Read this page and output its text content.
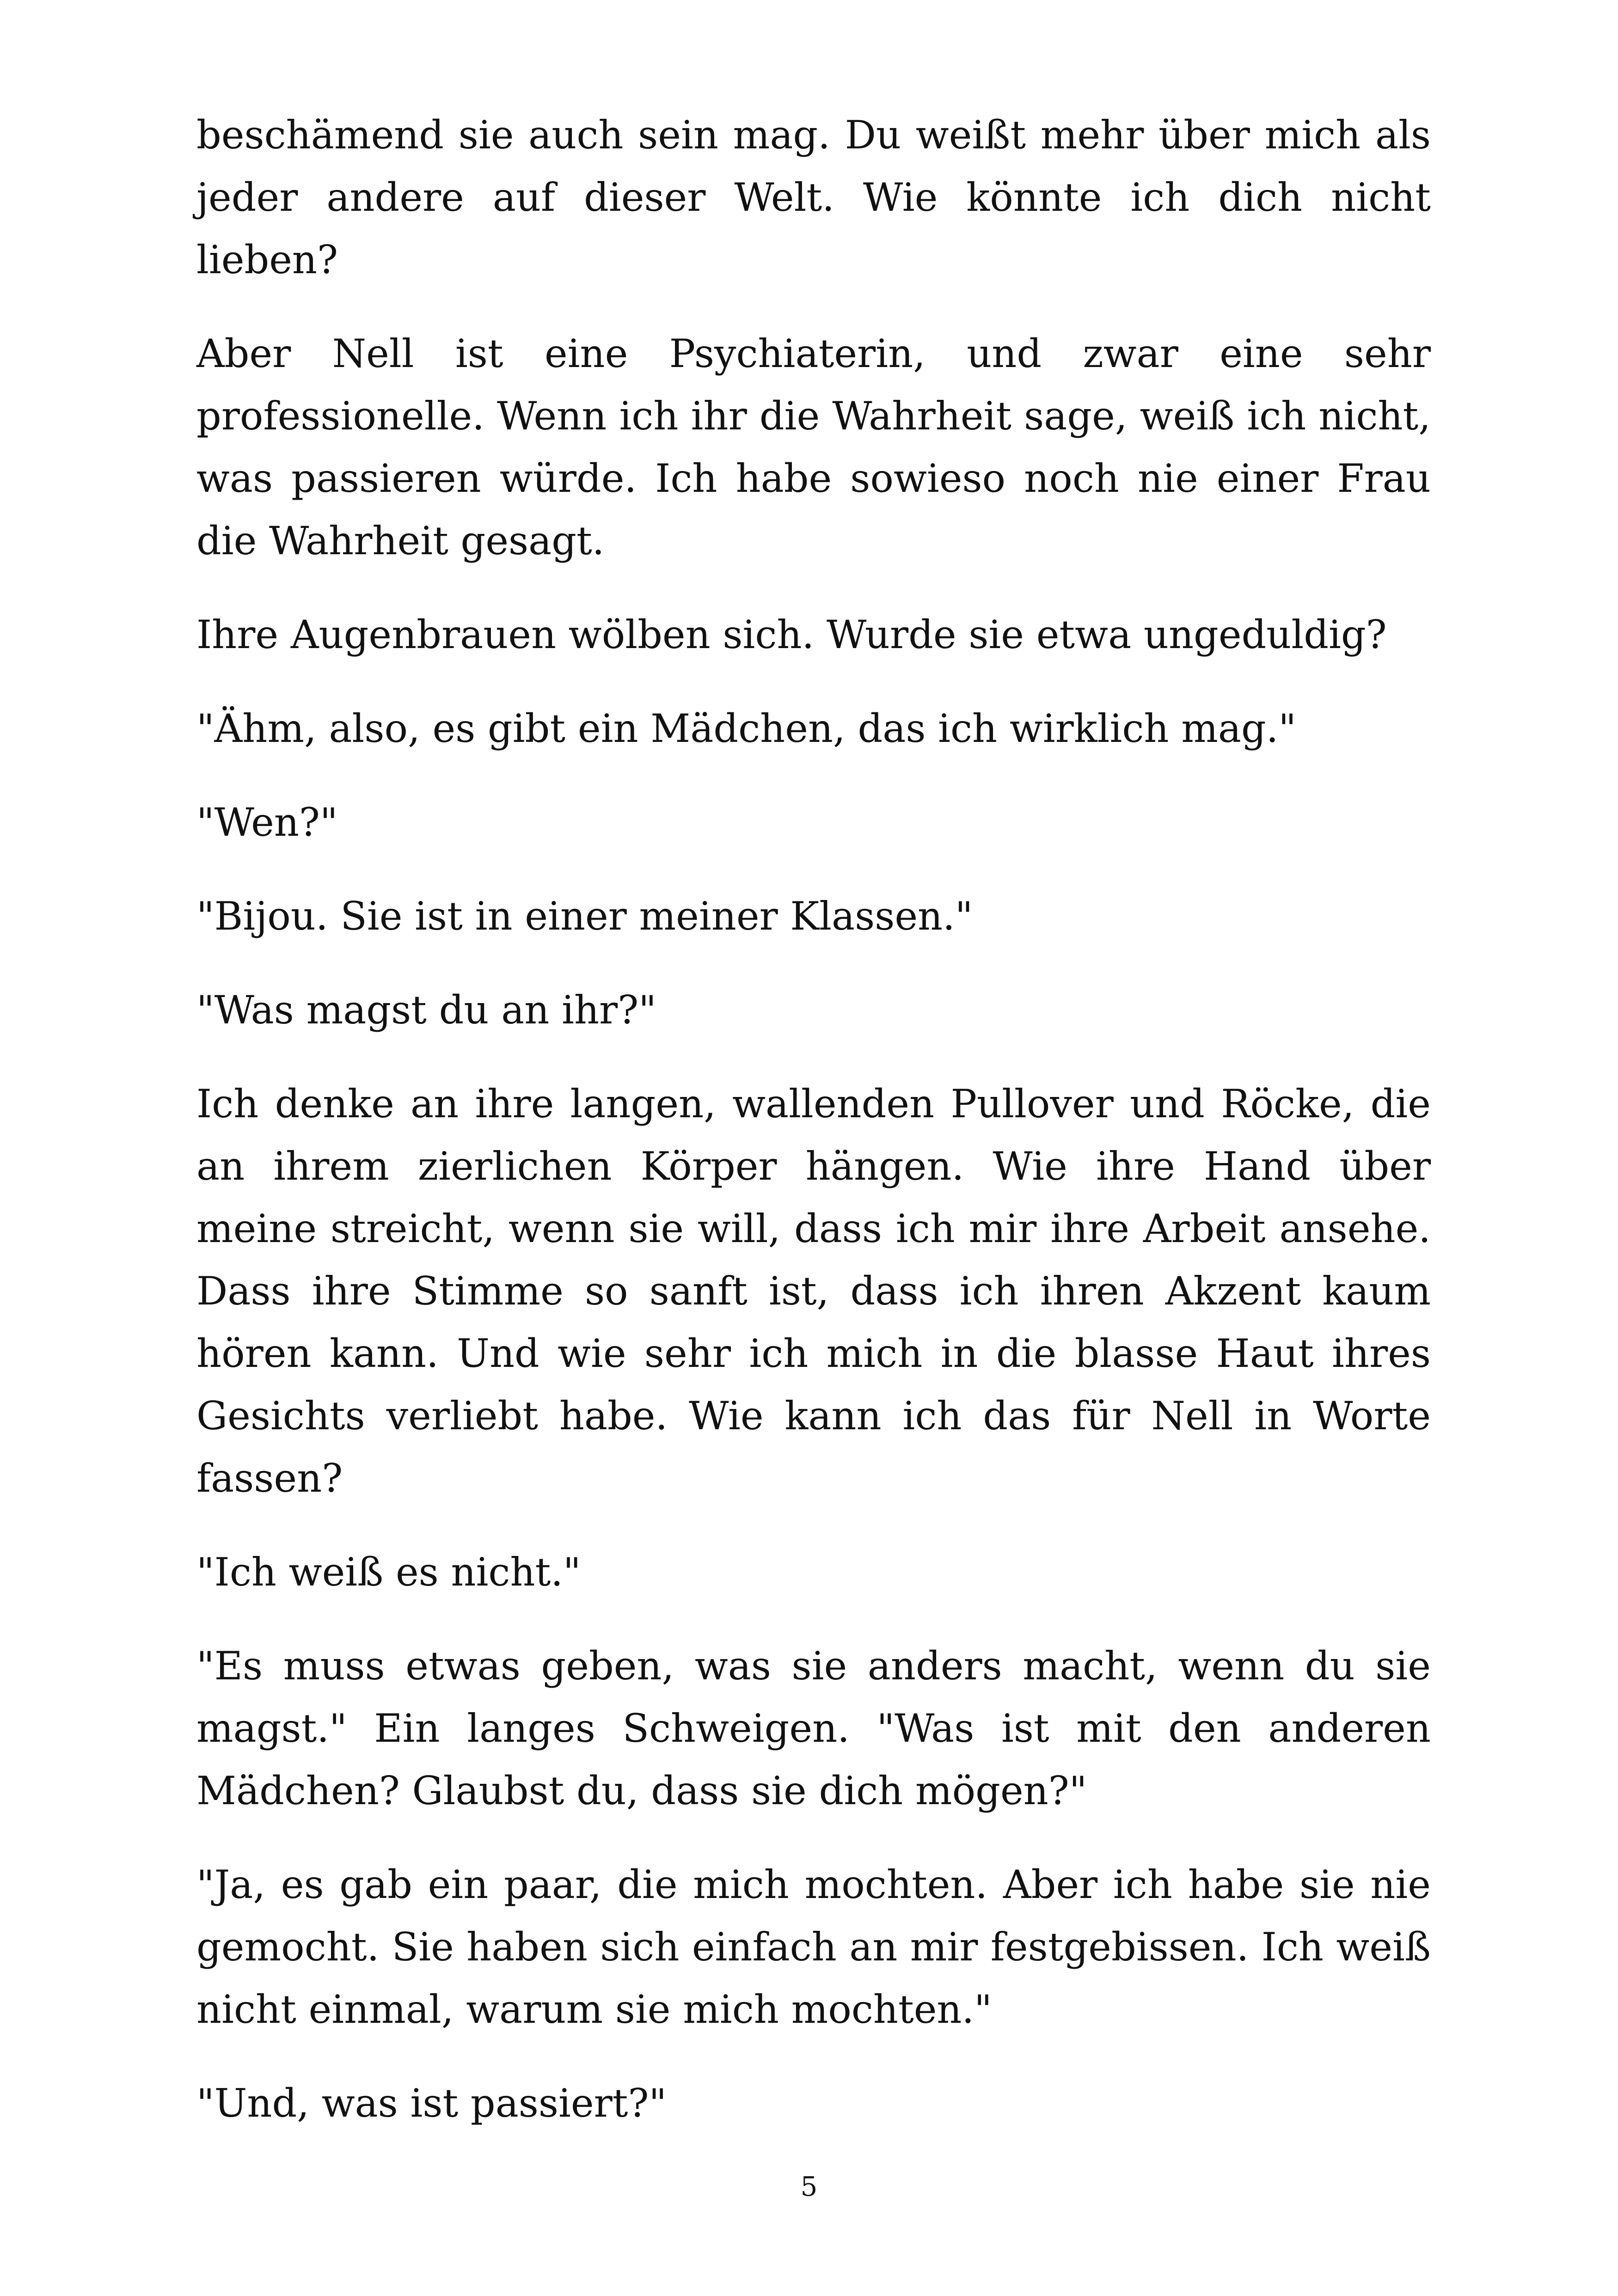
beschämend sie auch sein mag. Du weißt mehr über mich als jeder andere auf dieser Welt. Wie könnte ich dich nicht lieben?

Aber Nell ist eine Psychiaterin, und zwar eine sehr professionelle. Wenn ich ihr die Wahrheit sage, weiß ich nicht, was passieren würde. Ich habe sowieso noch nie einer Frau die Wahrheit gesagt.

Ihre Augenbrauen wölben sich. Wurde sie etwa ungeduldig?

"Ähm, also, es gibt ein Mädchen, das ich wirklich mag."

"Wen?"

"Bijou. Sie ist in einer meiner Klassen."

"Was magst du an ihr?"

Ich denke an ihre langen, wallenden Pullover und Röcke, die an ihrem zierlichen Körper hängen. Wie ihre Hand über meine streicht, wenn sie will, dass ich mir ihre Arbeit ansehe. Dass ihre Stimme so sanft ist, dass ich ihren Akzent kaum hören kann. Und wie sehr ich mich in die blasse Haut ihres Gesichts verliebt habe. Wie kann ich das für Nell in Worte fassen?

"Ich weiß es nicht."

"Es muss etwas geben, was sie anders macht, wenn du sie magst." Ein langes Schweigen. "Was ist mit den anderen Mädchen? Glaubst du, dass sie dich mögen?"

"Ja, es gab ein paar, die mich mochten. Aber ich habe sie nie gemocht. Sie haben sich einfach an mir festgebissen. Ich weiß nicht einmal, warum sie mich mochten."

"Und, was ist passiert?"

5
